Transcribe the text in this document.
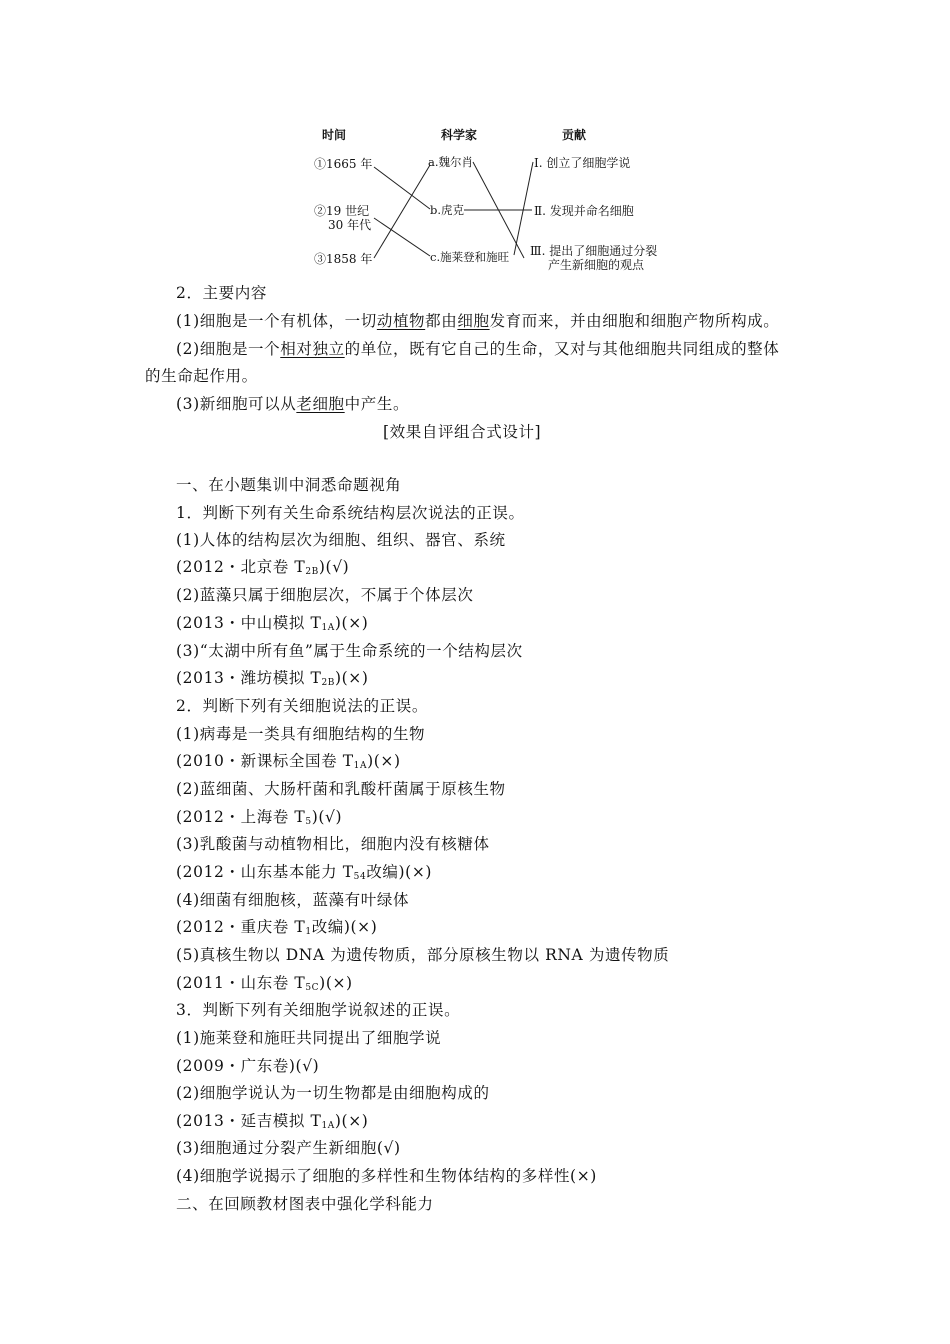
时间	科学家	贡献
①1665 年
②19 世纪
30 年代
③1858 年
a.魏尔肖
b.虎克
c.施莱登和施旺
Ⅰ. 创立了细胞学说
Ⅱ. 发现并命名细胞
Ⅲ. 提出了细胞通过分裂
产生新细胞的观点
2．主要内容
(1)细胞是一个有机体，一切动植物都由细胞发育而来，并由细胞和细胞产物所构成。
(2)细胞是一个相对独立的单位，既有它自己的生命，又对与其他细胞共同组成的整体
的生命起作用。
(3)新细胞可以从老细胞中产生。
[效果自评组合式设计]
一、在小题集训中洞悉命题视角
1．判断下列有关生命系统结构层次说法的正误。
(1)人体的结构层次为细胞、组织、器官、系统
(2012・北京卷 $T_{2B})(√)$
(2)蓝藻只属于细胞层次，不属于个体层次
(2013・中山模拟 $T_{1A})(\times)$
(3)“太湖中所有鱼”属于生命系统的一个结构层次
(2013・潍坊模拟 $T_{2B})(\times)$
2．判断下列有关细胞说法的正误。
(1)病毒是一类具有细胞结构的生物
(2010・新课标全国卷 $T_{1A})(\times)$
(2)蓝细菌、大肠杆菌和乳酸杆菌属于原核生物
(2012・上海卷 $T_5)(√)$
(3)乳酸菌与动植物相比，细胞内没有核糖体
(2012・山东基本能力 $T_{54}$改编)(×)
(4)细菌有细胞核，蓝藻有叶绿体
(2012・重庆卷 $T_1$改编)(×)
(5)真核生物以 DNA 为遗传物质，部分原核生物以 RNA 为遗传物质
(2011・山东卷 $T_{5C})(\times)$
3．判断下列有关细胞学说叙述的正误。
(1)施莱登和施旺共同提出了细胞学说
(2009・广东卷)(√)
(2)细胞学说认为一切生物都是由细胞构成的
(2013・延吉模拟 $T_{1A})(\times)$
(3)细胞通过分裂产生新细胞(√)
(4)细胞学说揭示了细胞的多样性和生物体结构的多样性(×)
二、在回顾教材图表中强化学科能力
